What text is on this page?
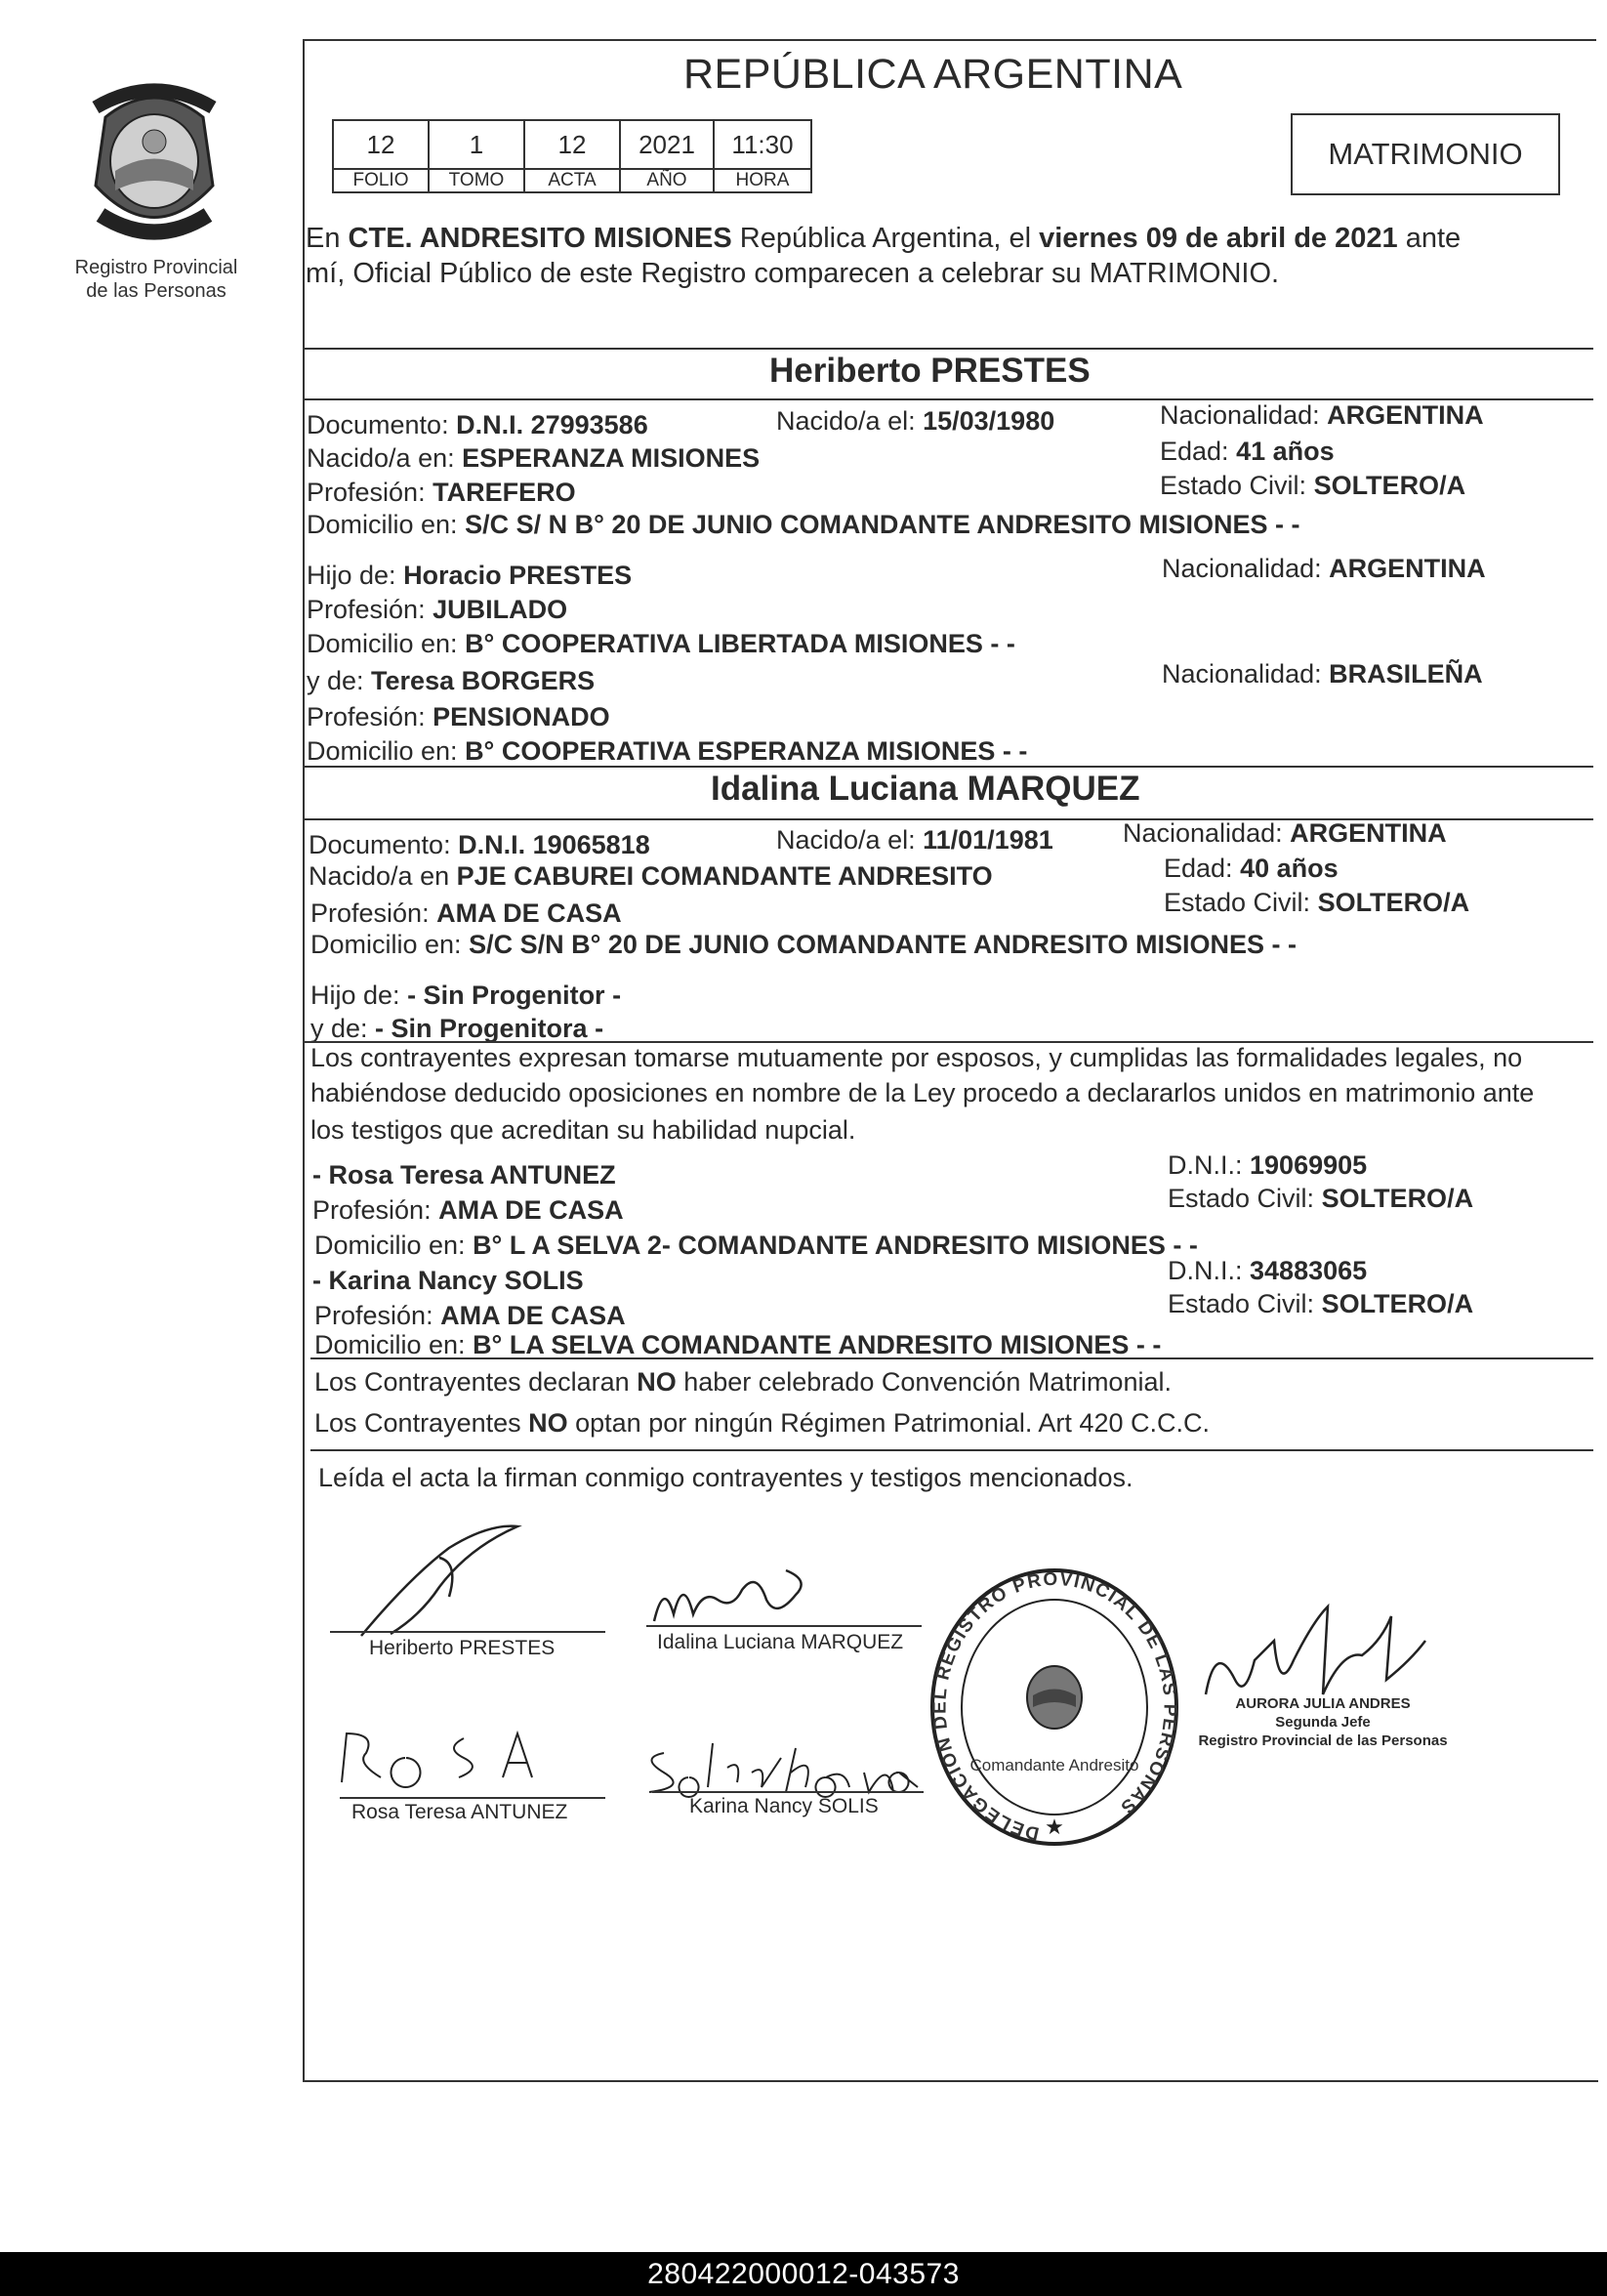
Registro Provincial
de las Personas
REPÚBLICA ARGENTINA
12	1	12	2021	11:30
FOLIO	TOMO	ACTA	AÑO	HORA
MATRIMONIO
En CTE. ANDRESITO MISIONES República Argentina, el viernes 09 de abril de 2021 ante
mí, Oficial Público de este Registro comparecen a celebrar su MATRIMONIO.
Heriberto PRESTES
Documento: D.N.I. 27993586	Nacido/a el: 15/03/1980	Nacionalidad: ARGENTINA
Nacido/a en: ESPERANZA MISIONES	Edad: 41 años
Profesión: TAREFERO	Estado Civil: SOLTERO/A
Domicilio en: S/C S/ N B° 20 DE JUNIO COMANDANTE ANDRESITO MISIONES - -
Hijo de: Horacio PRESTES	Nacionalidad: ARGENTINA
Profesión: JUBILADO
Domicilio en: B° COOPERATIVA LIBERTADA MISIONES - -
y de: Teresa BORGERS	Nacionalidad: BRASILEÑA
Profesión: PENSIONADO
Domicilio en: B° COOPERATIVA ESPERANZA MISIONES - -
Idalina Luciana MARQUEZ
Documento: D.N.I. 19065818	Nacido/a el: 11/01/1981	Nacionalidad: ARGENTINA
Nacido/a en PJE CABUREI COMANDANTE ANDRESITO	Edad: 40 años
Profesión: AMA DE CASA	Estado Civil: SOLTERO/A
Domicilio en: S/C S/N B° 20 DE JUNIO COMANDANTE ANDRESITO MISIONES - -
Hijo de: - Sin Progenitor -
y de: - Sin Progenitora -
Los contrayentes expresan tomarse mutuamente por esposos, y cumplidas las formalidades legales, no
habiéndose deducido oposiciones en nombre de la Ley procedo a declararlos unidos en matrimonio ante
los testigos que acreditan su habilidad nupcial.
- Rosa Teresa ANTUNEZ	D.N.I.: 19069905
Profesión: AMA DE CASA	Estado Civil: SOLTERO/A
Domicilio en: B° L A SELVA 2- COMANDANTE ANDRESITO MISIONES - -
- Karina Nancy SOLIS	D.N.I.: 34883065
Profesión: AMA DE CASA	Estado Civil: SOLTERO/A
Domicilio en: B° LA SELVA COMANDANTE ANDRESITO MISIONES - -
Los Contrayentes declaran NO haber celebrado Convención Matrimonial.
Los Contrayentes NO optan por ningún Régimen Patrimonial. Art 420 C.C.C.
Leída el acta la firman conmigo contrayentes y testigos mencionados.
Heriberto PRESTES	Idalina Luciana MARQUEZ
Rosa Teresa ANTUNEZ	Karina Nancy SOLIS
DELEGACION DEL REGISTRO PROVINCIAL DE LAS PERSONAS
Comandante Andresito
★
AURORA JULIA ANDRES
Segunda Jefe
Registro Provincial de las Personas
280422000012-043573
